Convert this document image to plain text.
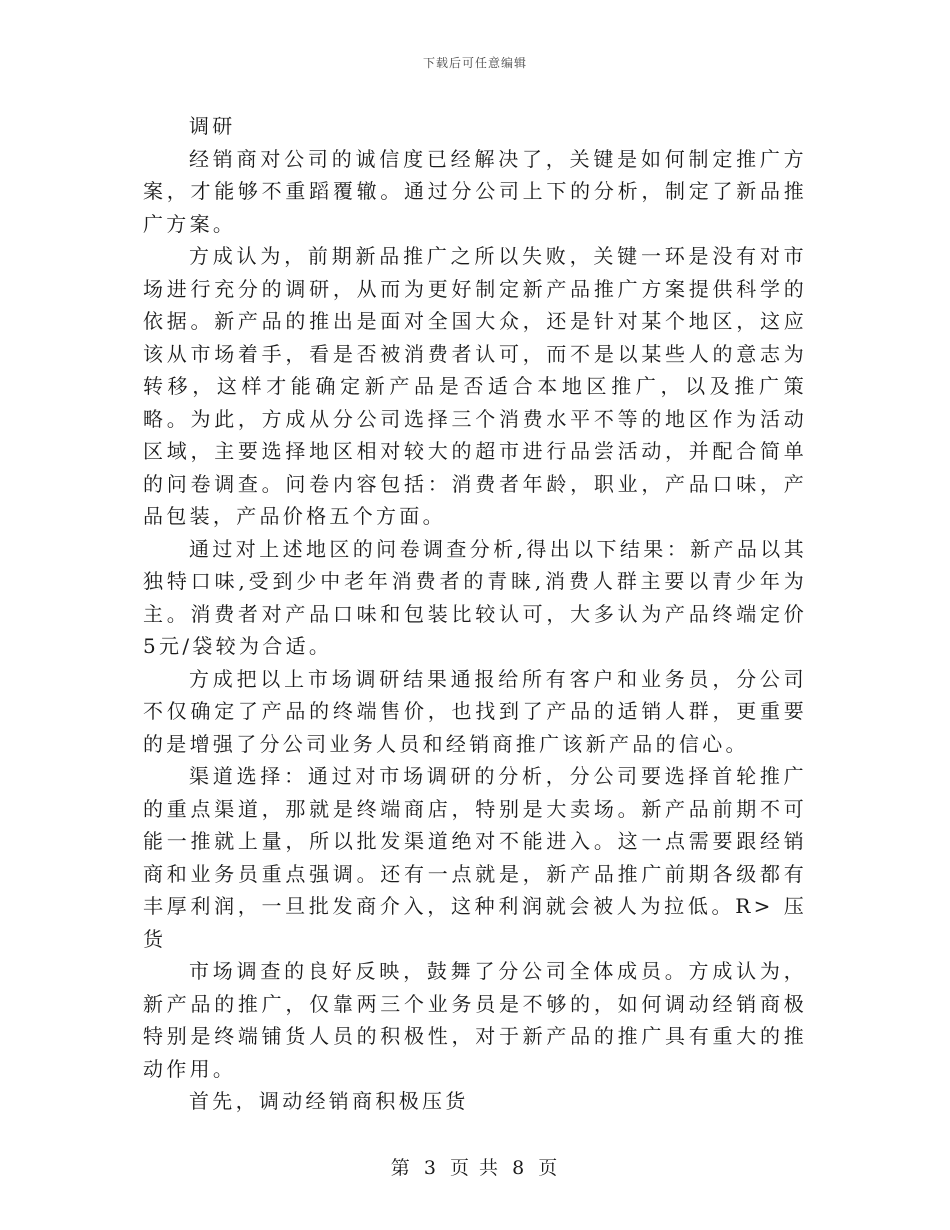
下载后可任意编辑

调研

经销商对公司的诚信度已经解决了，关键是如何制定推广方案，才能够不重蹈覆辙。通过分公司上下的分析，制定了新品推广方案。

方成认为，前期新品推广之所以失败，关键一环是没有对市场进行充分的调研，从而为更好制定新产品推广方案提供科学的依据。新产品的推出是面对全国大众，还是针对某个地区，这应该从市场着手，看是否被消费者认可，而不是以某些人的意志为转移，这样才能确定新产品是否适合本地区推广，以及推广策略。为此，方成从分公司选择三个消费水平不等的地区作为活动区域，主要选择地区相对较大的超市进行品尝活动，并配合简单的问卷调查。问卷内容包括：消费者年龄，职业，产品口味，产品包装，产品价格五个方面。

通过对上述地区的问卷调查分析,得出以下结果：新产品以其独特口味,受到少中老年消费者的青睐,消费人群主要以青少年为主。消费者对产品口味和包装比较认可，大多认为产品终端定价5元/袋较为合适。

方成把以上市场调研结果通报给所有客户和业务员，分公司不仅确定了产品的终端售价，也找到了产品的适销人群，更重要的是增强了分公司业务人员和经销商推广该新产品的信心。

渠道选择：通过对市场调研的分析，分公司要选择首轮推广的重点渠道，那就是终端商店，特别是大卖场。新产品前期不可能一推就上量，所以批发渠道绝对不能进入。这一点需要跟经销商和业务员重点强调。还有一点就是，新产品推广前期各级都有丰厚利润，一旦批发商介入，这种利润就会被人为拉低。R> 压货

市场调查的良好反映，鼓舞了分公司全体成员。方成认为，新产品的推广，仅靠两三个业务员是不够的，如何调动经销商极特别是终端铺货人员的积极性，对于新产品的推广具有重大的推动作用。

首先，调动经销商积极压货

第 3 页 共 8 页
